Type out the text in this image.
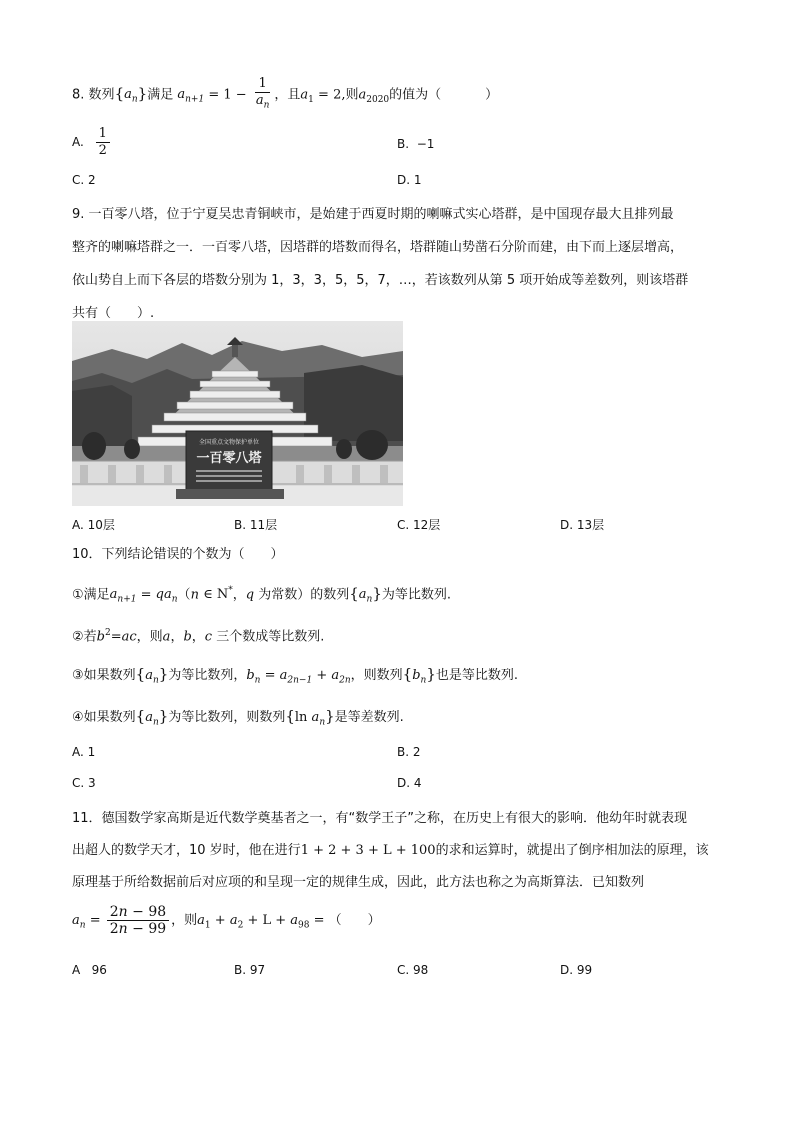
8. 数列$\{a_n\}$满足 $a_{n+1} = 1 - \frac{1}{a_n}$ ，且$a_1 = 2$,则$a_{2020}$的值为（	）
A. $\frac{1}{2}$	B. −1
C. 2	D. 1
9. 一百零八塔，位于宁夏吴忠青铜峡市，是始建于西夏时期的喇嘛式实心塔群，是中国现存最大且排列最
整齐的喇嘛塔群之一．一百零八塔，因塔群的塔数而得名，塔群随山势凿石分阶而建，由下而上逐层增高，
依山势自上而下各层的塔数分别为 1，3，3，5，5，7，…，若该数列从第 5 项开始成等差数列，则该塔群
共有（　　）.
全国重点文物保护单位
一百零八塔
A. 10层	B. 11层	C. 12层	D. 13层
10．下列结论错误的个数为（　　）
①满足$a_{n+1} = qa_n(n$ ∈ N*，q 为常数）的数列$\{a_n\}$为等比数列.
②若$b^2=ac$，则a，b，c 三个数成等比数列.
③如果数列$\{a_n\}$为等比数列，$b_n = a_{2n-1} + a_{2n}$，则数列$\{b_n\}$也是等比数列.
④如果数列$\{a_n\}$为等比数列，则数列{ln $a_n$}是等差数列.
A. 1	B. 2
C. 3	D. 4
11．德国数学家高斯是近代数学奠基者之一，有“数学王子”之称，在历史上有很大的影响．他幼年时就表现
出超人的数学天才，10 岁时，他在进行1 + 2 + 3 + L + 100的求和运算时，就提出了倒序相加法的原理，该
原理基于所给数据前后对应项的和呈现一定的规律生成，因此，此方法也称之为高斯算法．已知数列
$a_n = \frac{2n - 98}{2n - 99}$ ，则$a_1 + a_2 + L + a_{98}$ = （　　）
A 96	B. 97	C. 98	D. 99
